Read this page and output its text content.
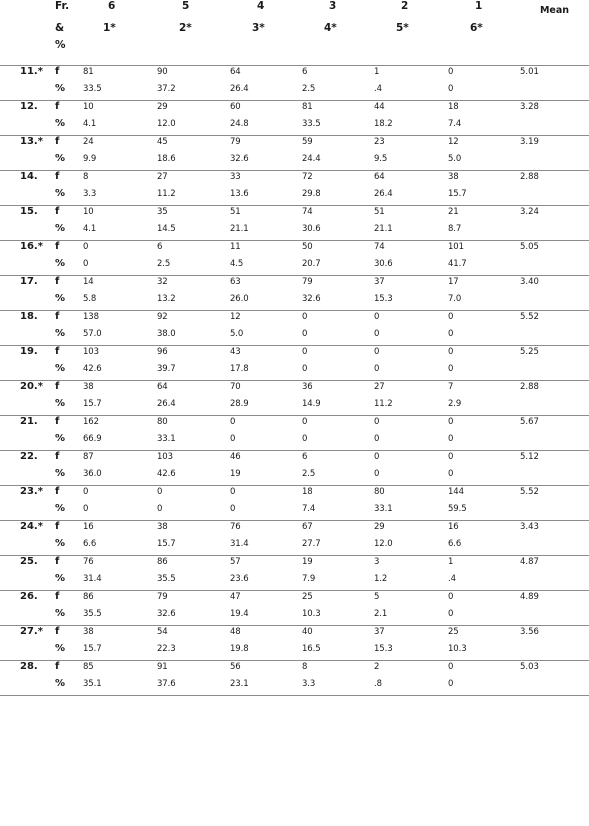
	Fr.	6	5	4	3	2	1	Mean
	&	1*	2*	3*	4*	5*	6*	
	%							
11.*	f	81	90	64	6	1	0	5.01
	%	33.5	37.2	26.4	2.5	.4	0	
12.	f	10	29	60	81	44	18	3.28
	%	4.1	12.0	24.8	33.5	18.2	7.4	
13.*	f	24	45	79	59	23	12	3.19
	%	9.9	18.6	32.6	24.4	9.5	5.0	
14.	f	8	27	33	72	64	38	2.88
	%	3.3	11.2	13.6	29.8	26.4	15.7	
15.	f	10	35	51	74	51	21	3.24
	%	4.1	14.5	21.1	30.6	21.1	8.7	
16.*	f	0	6	11	50	74	101	5.05
	%	0	2.5	4.5	20.7	30.6	41.7	
17.	f	14	32	63	79	37	17	3.40
	%	5.8	13.2	26.0	32.6	15.3	7.0	
18.	f	138	92	12	0	0	0	5.52
	%	57.0	38.0	5.0	0	0	0	
19.	f	103	96	43	0	0	0	5.25
	%	42.6	39.7	17.8	0	0	0	
20.*	f	38	64	70	36	27	7	2.88
	%	15.7	26.4	28.9	14.9	11.2	2.9	
21.	f	162	80	0	0	0	0	5.67
	%	66.9	33.1	0	0	0	0	
22.	f	87	103	46	6	0	0	5.12
	%	36.0	42.6	19	2.5	0	0	
23.*	f	0	0	0	18	80	144	5.52
	%	0	0	0	7.4	33.1	59.5	
24.*	f	16	38	76	67	29	16	3.43
	%	6.6	15.7	31.4	27.7	12.0	6.6	
25.	f	76	86	57	19	3	1	4.87
	%	31.4	35.5	23.6	7.9	1.2	.4	
26.	f	86	79	47	25	5	0	4.89
	%	35.5	32.6	19.4	10.3	2.1	0	
27.*	f	38	54	48	40	37	25	3.56
	%	15.7	22.3	19.8	16.5	15.3	10.3	
28.	f	85	91	56	8	2	0	5.03
	%	35.1	37.6	23.1	3.3	.8	0	
